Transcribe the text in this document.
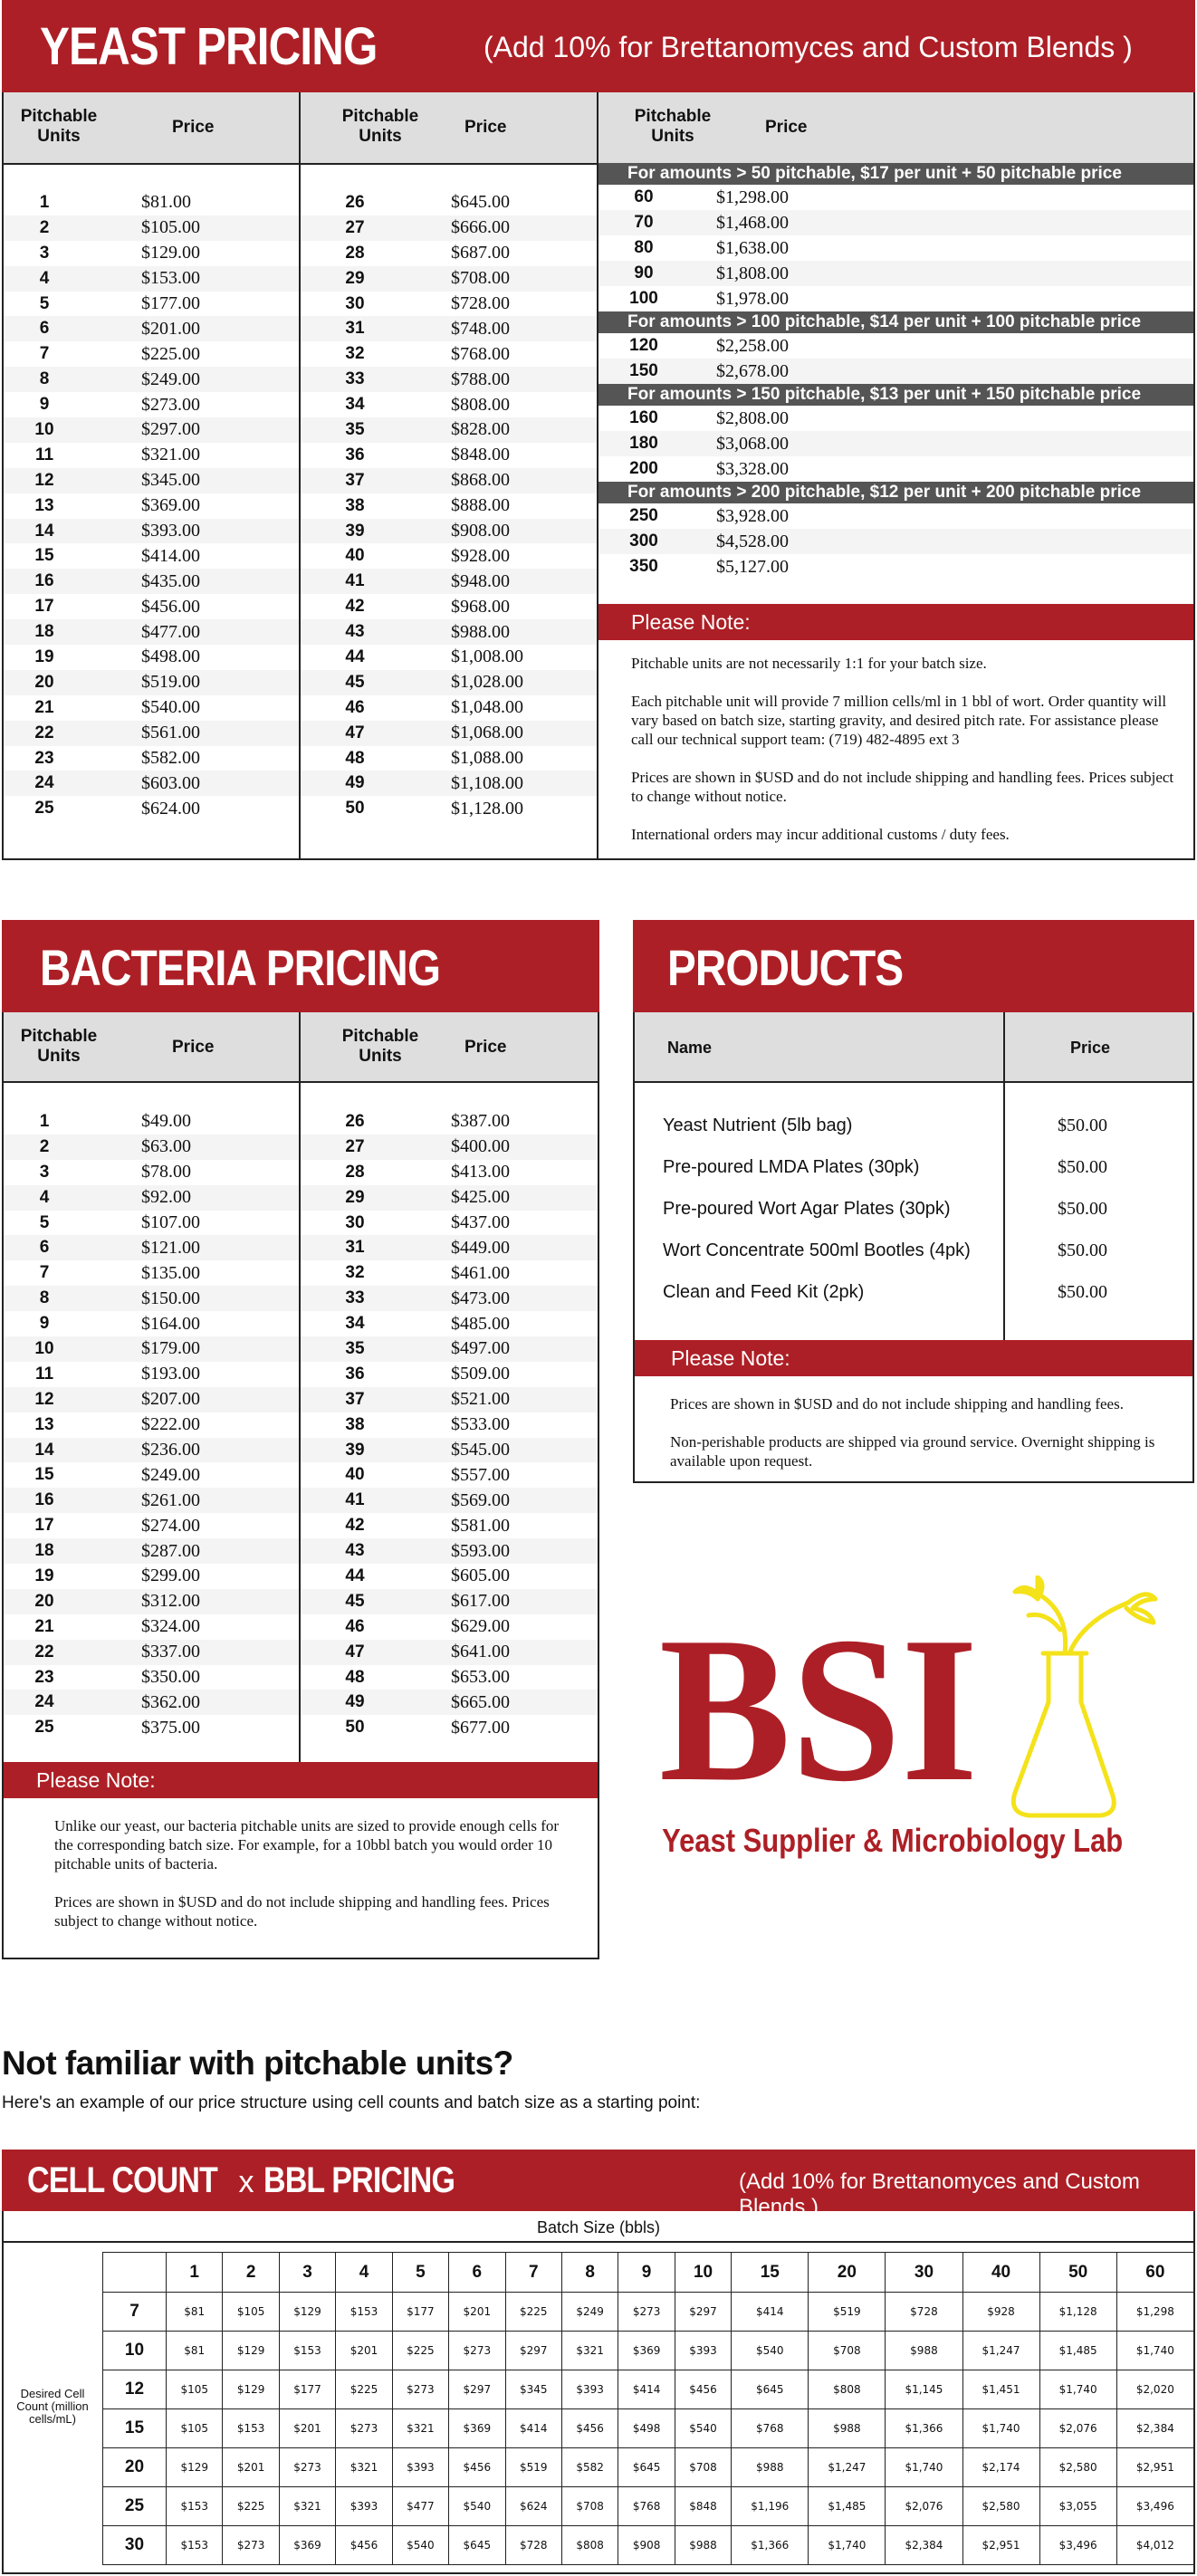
YEAST PRICING	(Add 10% for Brettanomyces and Custom Blends )
Pitchable Units	Price
Pitchable Units	Price
Pitchable Units	Price
1	$81.00
2	$105.00
3	$129.00
4	$153.00
5	$177.00
6	$201.00
7	$225.00
8	$249.00
9	$273.00
10	$297.00
11	$321.00
12	$345.00
13	$369.00
14	$393.00
15	$414.00
16	$435.00
17	$456.00
18	$477.00
19	$498.00
20	$519.00
21	$540.00
22	$561.00
23	$582.00
24	$603.00
25	$624.00
26	$645.00
27	$666.00
28	$687.00
29	$708.00
30	$728.00
31	$748.00
32	$768.00
33	$788.00
34	$808.00
35	$828.00
36	$848.00
37	$868.00
38	$888.00
39	$908.00
40	$928.00
41	$948.00
42	$968.00
43	$988.00
44	$1,008.00
45	$1,028.00
46	$1,048.00
47	$1,068.00
48	$1,088.00
49	$1,108.00
50	$1,128.00
For amounts > 50 pitchable, $17 per unit + 50 pitchable price
60	$1,298.00
70	$1,468.00
80	$1,638.00
90	$1,808.00
100	$1,978.00
For amounts > 100 pitchable, $14 per unit + 100 pitchable price
120	$2,258.00
150	$2,678.00
For amounts > 150 pitchable, $13 per unit + 150 pitchable price
160	$2,808.00
180	$3,068.00
200	$3,328.00
For amounts > 200 pitchable, $12 per unit + 200 pitchable price
250	$3,928.00
300	$4,528.00
350	$5,127.00
Please Note:

Pitchable units are not necessarily 1:1 for your batch size.

Each pitchable unit will provide 7 million cells/ml in 1 bbl of wort. Order quantity will vary based on batch size, starting gravity, and desired pitch rate. For assistance please call our technical support team: (719) 482-4895 ext 3

Prices are shown in $USD and do not include shipping and handling fees. Prices subject to change without notice.

International orders may incur additional customs / duty fees.

BACTERIA PRICING
Pitchable Units	Price
Pitchable Units	Price
1	$49.00
2	$63.00
3	$78.00
4	$92.00
5	$107.00
6	$121.00
7	$135.00
8	$150.00
9	$164.00
10	$179.00
11	$193.00
12	$207.00
13	$222.00
14	$236.00
15	$249.00
16	$261.00
17	$274.00
18	$287.00
19	$299.00
20	$312.00
21	$324.00
22	$337.00
23	$350.00
24	$362.00
25	$375.00
26	$387.00
27	$400.00
28	$413.00
29	$425.00
30	$437.00
31	$449.00
32	$461.00
33	$473.00
34	$485.00
35	$497.00
36	$509.00
37	$521.00
38	$533.00
39	$545.00
40	$557.00
41	$569.00
42	$581.00
43	$593.00
44	$605.00
45	$617.00
46	$629.00
47	$641.00
48	$653.00
49	$665.00
50	$677.00
Please Note:

Unlike our yeast, our bacteria pitchable units are sized to provide enough cells for the corresponding batch size. For example, for a 10bbl batch you would order 10 pitchable units of bacteria.

Prices are shown in $USD and do not include shipping and handling fees. Prices subject to change without notice.

PRODUCTS
Name	Price
Yeast Nutrient (5lb bag)	$50.00
Pre-poured LMDA Plates (30pk)	$50.00
Pre-poured Wort Agar Plates (30pk)	$50.00
Wort Concentrate 500ml Bootles (4pk)	$50.00
Clean and Feed Kit (2pk)	$50.00
Please Note:

Prices are shown in $USD and do not include shipping and handling fees.

Non-perishable products are shipped via ground service. Overnight shipping is available upon request.

BSI
Yeast Supplier & Microbiology Lab
Not familiar with pitchable units?
Here's an example of our price structure using cell counts and batch size as a starting point:
CELL COUNT x BBL PRICING	(Add 10% for Brettanomyces and Custom Blends )
Batch Size (bbls)
Desired Cell Count (million cells/mL)
	1	2	3	4	5	6	7	8	9	10	15	20	30	40	50	60
7	$81	$105	$129	$153	$177	$201	$225	$249	$273	$297	$414	$519	$728	$928	$1,128	$1,298
10	$81	$129	$153	$201	$225	$273	$297	$321	$369	$393	$540	$708	$988	$1,247	$1,485	$1,740
12	$105	$129	$177	$225	$273	$297	$345	$393	$414	$456	$645	$808	$1,145	$1,451	$1,740	$2,020
15	$105	$153	$201	$273	$321	$369	$414	$456	$498	$540	$768	$988	$1,366	$1,740	$2,076	$2,384
20	$129	$201	$273	$321	$393	$456	$519	$582	$645	$708	$988	$1,247	$1,740	$2,174	$2,580	$2,951
25	$153	$225	$321	$393	$477	$540	$624	$708	$768	$848	$1,196	$1,485	$2,076	$2,580	$3,055	$3,496
30	$153	$273	$369	$456	$540	$645	$728	$808	$908	$988	$1,366	$1,740	$2,384	$2,951	$3,496	$4,012
